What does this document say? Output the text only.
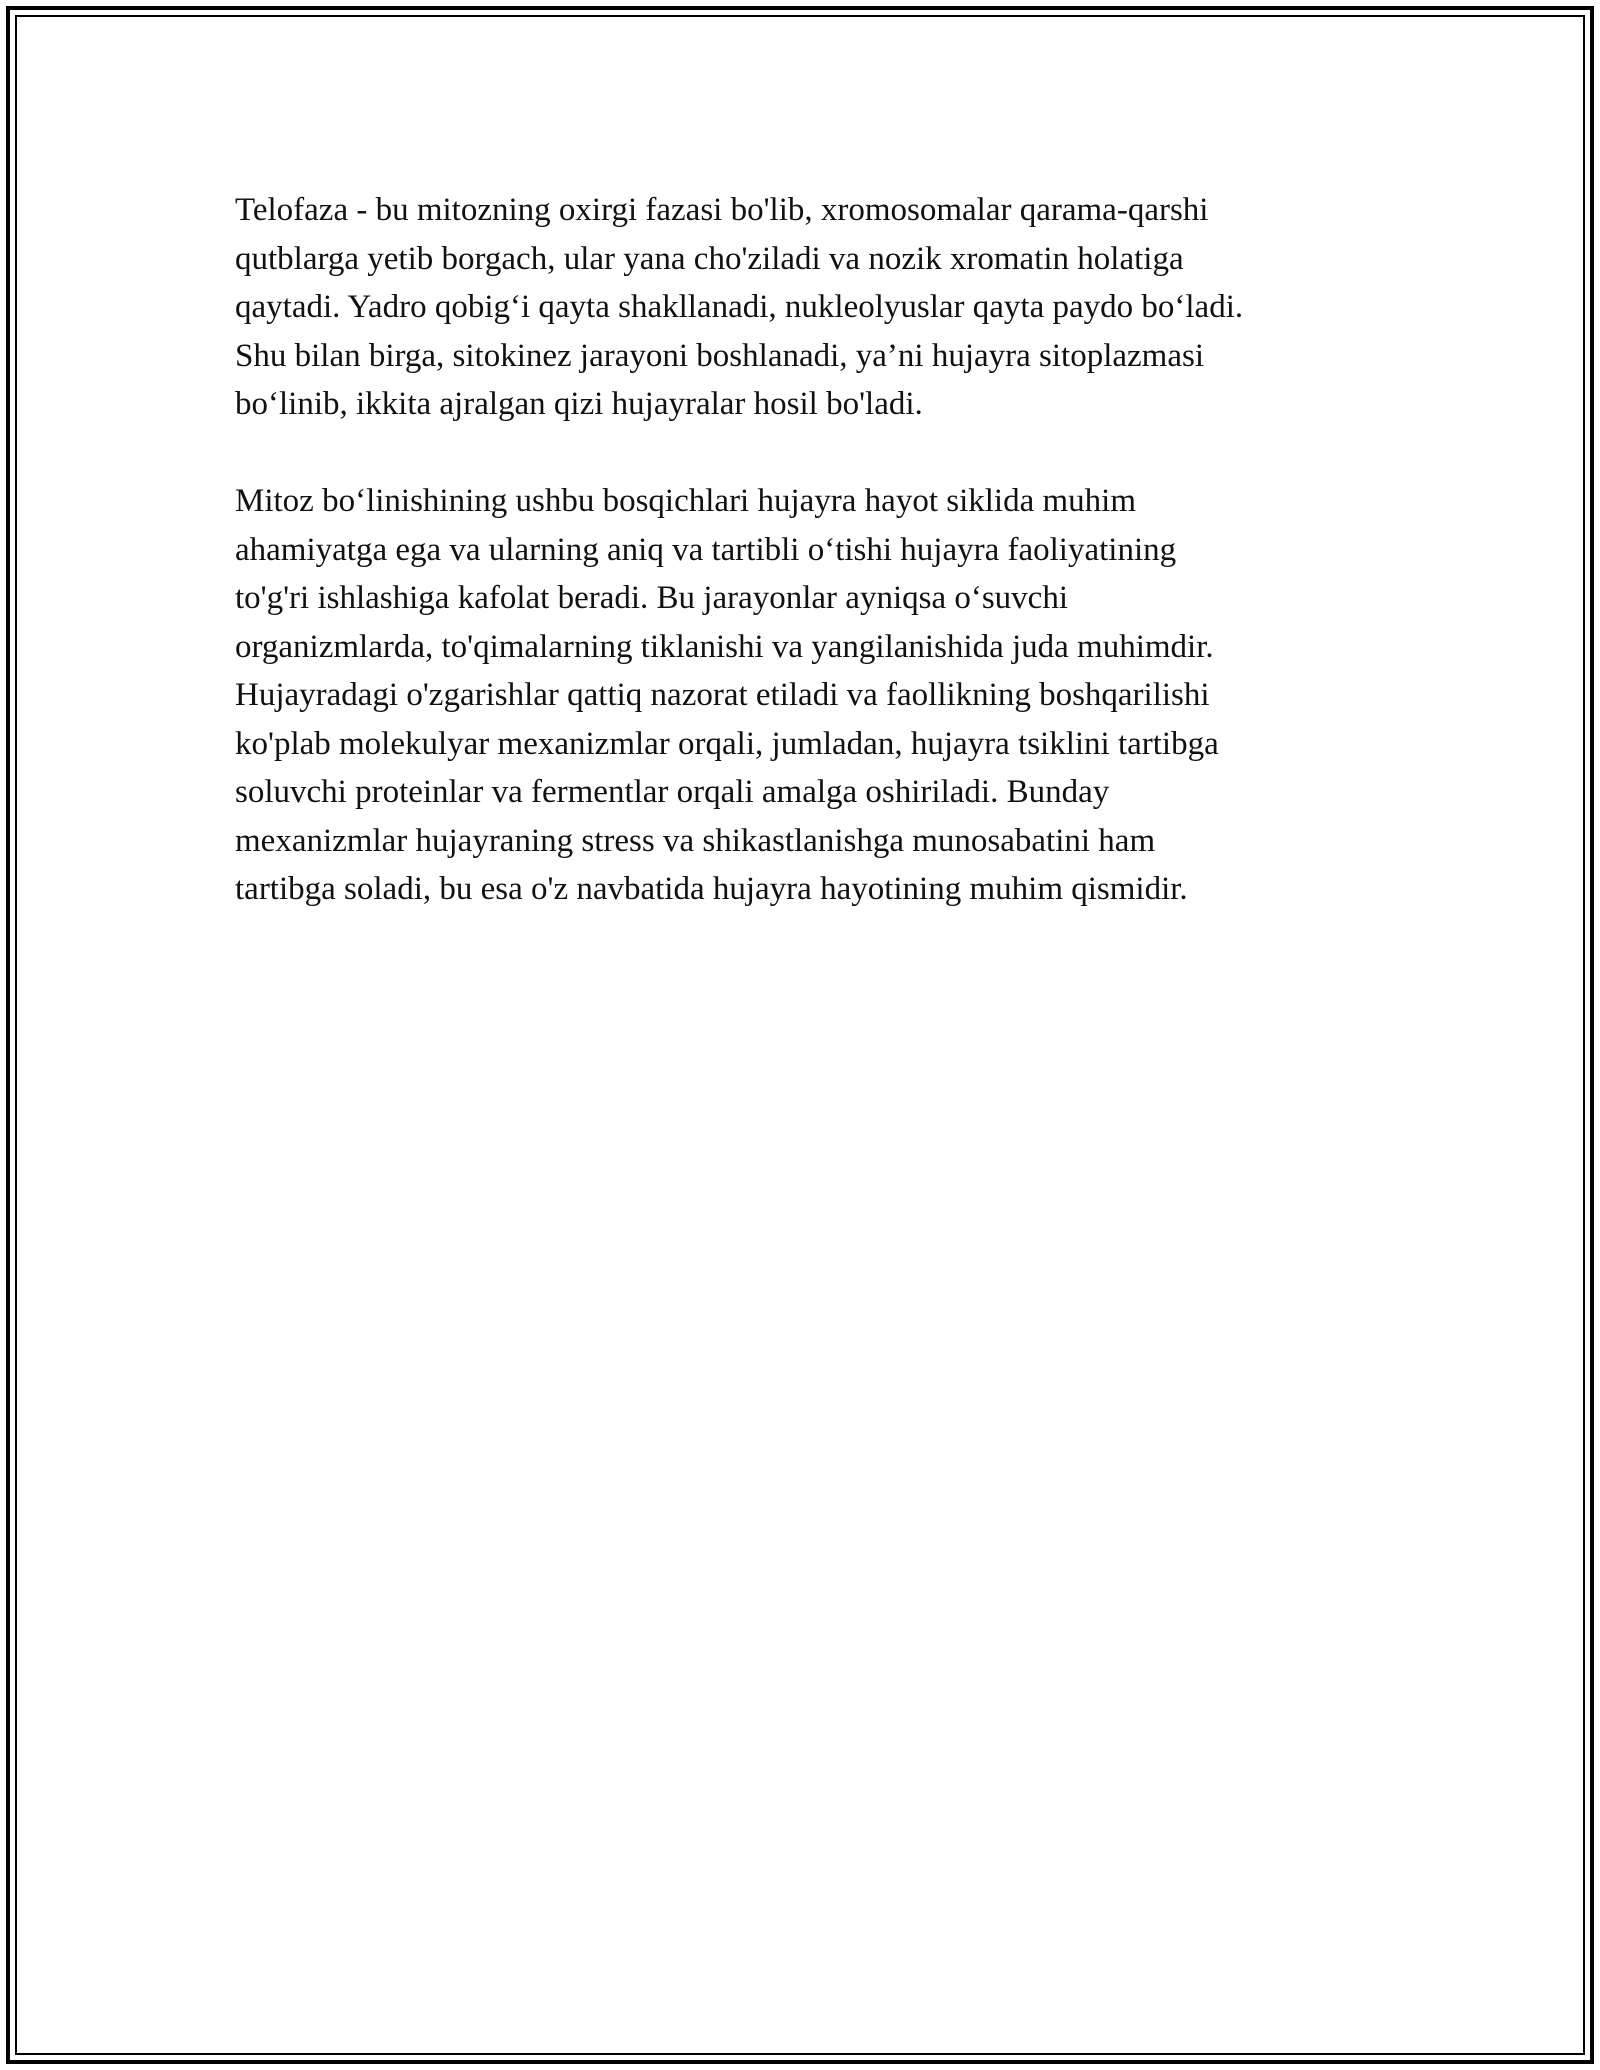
Telofaza - bu mitozning oxirgi fazasi bo'lib, xromosomalar qarama-qarshi
qutblarga yetib borgach, ular yana cho'ziladi va nozik xromatin holatiga
qaytadi. Yadro qobig‘i qayta shakllanadi, nukleolyuslar qayta paydo bo‘ladi.
Shu bilan birga, sitokinez jarayoni boshlanadi, ya’ni hujayra sitoplazmasi
bo‘linib, ikkita ajralgan qizi hujayralar hosil bo'ladi.

Mitoz bo‘linishining ushbu bosqichlari hujayra hayot siklida muhim
ahamiyatga ega va ularning aniq va tartibli o‘tishi hujayra faoliyatining
to'g'ri ishlashiga kafolat beradi. Bu jarayonlar ayniqsa o‘suvchi
organizmlarda, to'qimalarning tiklanishi va yangilanishida juda muhimdir.
Hujayradagi o'zgarishlar qattiq nazorat etiladi va faollikning boshqarilishi
ko'plab molekulyar mexanizmlar orqali, jumladan, hujayra tsiklini tartibga
soluvchi proteinlar va fermentlar orqali amalga oshiriladi. Bunday
mexanizmlar hujayraning stress va shikastlanishga munosabatini ham
tartibga soladi, bu esa o'z navbatida hujayra hayotining muhim qismidir.
